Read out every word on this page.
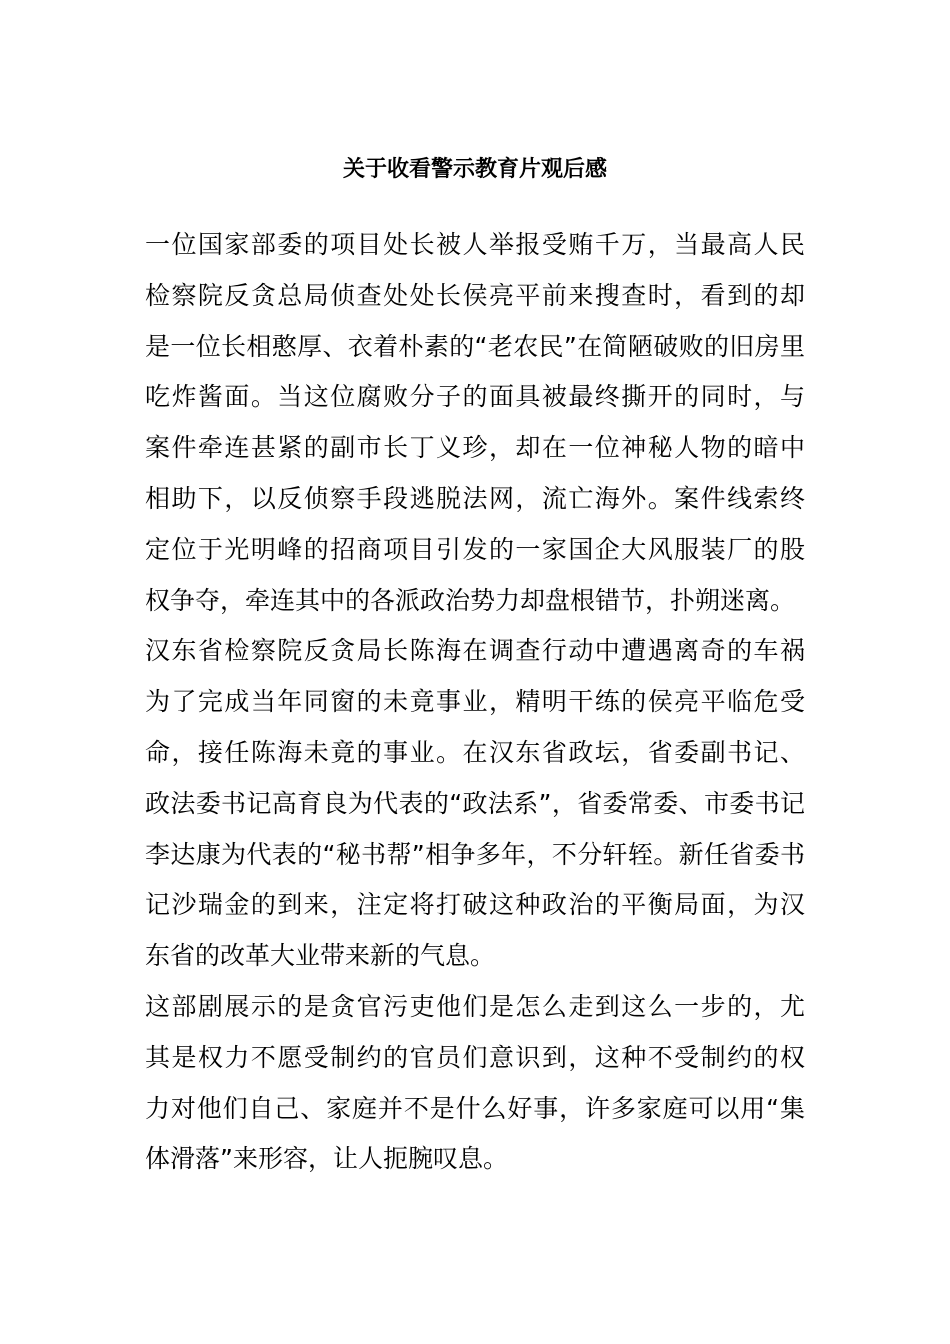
关于收看警示教育片观后感
一位国家部委的项目处长被人举报受贿千万，当最高人民
检察院反贪总局侦查处处长侯亮平前来搜查时，看到的却
是一位长相憨厚、衣着朴素的“老农民”在简陋破败的旧房里
吃炸酱面。当这位腐败分子的面具被最终撕开的同时，与
案件牵连甚紧的副市长丁义珍，却在一位神秘人物的暗中
相助下，以反侦察手段逃脱法网，流亡海外。案件线索终
定位于光明峰的招商项目引发的一家国企大风服装厂的股
权争夺，牵连其中的各派政治势力却盘根错节，扑朔迷离。
汉东省检察院反贪局长陈海在调查行动中遭遇离奇的车祸
为了完成当年同窗的未竟事业，精明干练的侯亮平临危受
命，接任陈海未竟的事业。在汉东省政坛，省委副书记、
政法委书记高育良为代表的“政法系”，省委常委、市委书记
李达康为代表的“秘书帮”相争多年，不分轩轾。新任省委书
记沙瑞金的到来，注定将打破这种政治的平衡局面，为汉
东省的改革大业带来新的气息。
这部剧展示的是贪官污吏他们是怎么走到这么一步的，尤
其是权力不愿受制约的官员们意识到，这种不受制约的权
力对他们自己、家庭并不是什么好事，许多家庭可以用“集
体滑落”来形容，让人扼腕叹息。
